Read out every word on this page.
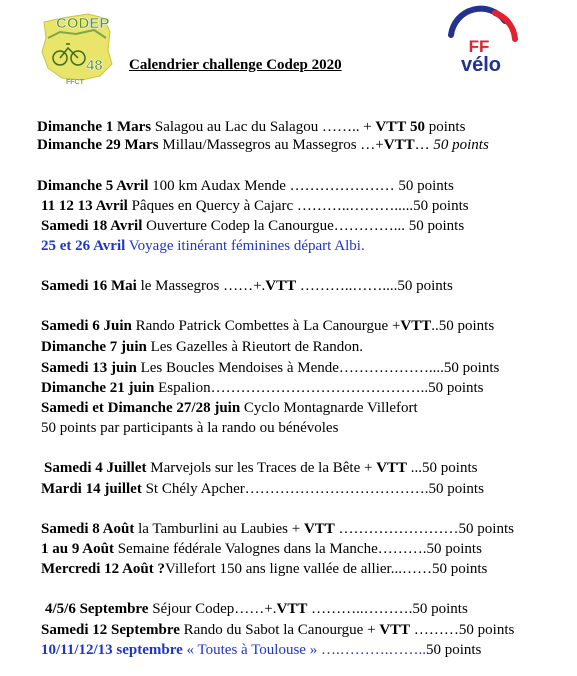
CODEP
48
FFCT
FF
vélo
Calendrier challenge Codep 2020
Dimanche 1 Mars Salagou au Lac du Salagou …….. + VTT 50 points
Dimanche 29 Mars Millau/Massegros au Massegros …+VTT… 50 points
Dimanche 5 Avril 100 km Audax Mende ………………… 50 points
11 12 13 Avril Pâques en Quercy à Cajarc ………..……….....50 points
Samedi 18 Avril Ouverture Codep la Canourgue…………... 50 points
25 et 26 Avril Voyage itinérant féminines départ Albi.
Samedi 16 Mai le Massegros ……+.VTT ………..……....50 points
Samedi 6 Juin Rando Patrick Combettes à La Canourgue +VTT..50 points
Dimanche 7 juin Les Gazelles à Rieutort de Randon.
Samedi 13 juin Les Boucles Mendoises à Mende………………....50 points
Dimanche 21 juin Espalion……………………………………..50 points
Samedi et Dimanche 27/28 juin Cyclo Montagnarde Villefort
50 points par participants à la rando ou bénévoles
Samedi 4 Juillet Marvejols sur les Traces de la Bête + VTT ...50 points
Mardi 14 juillet St Chély Apcher……………………………….50 points
Samedi 8 Août la Tamburlini au Laubies + VTT ……………………50 points
1 au 9 Août Semaine fédérale Valognes dans la Manche……….50 points
Mercredi 12 Août ?Villefort 150 ans ligne vallée de allier...……50 points
4/5/6 Septembre Séjour Codep……+.VTT ………..……….50 points
Samedi 12 Septembre Rando du Sabot la Canourgue + VTT ………50 points
10/11/12/13 septembre « Toutes à Toulouse » ….……….……..50 points
